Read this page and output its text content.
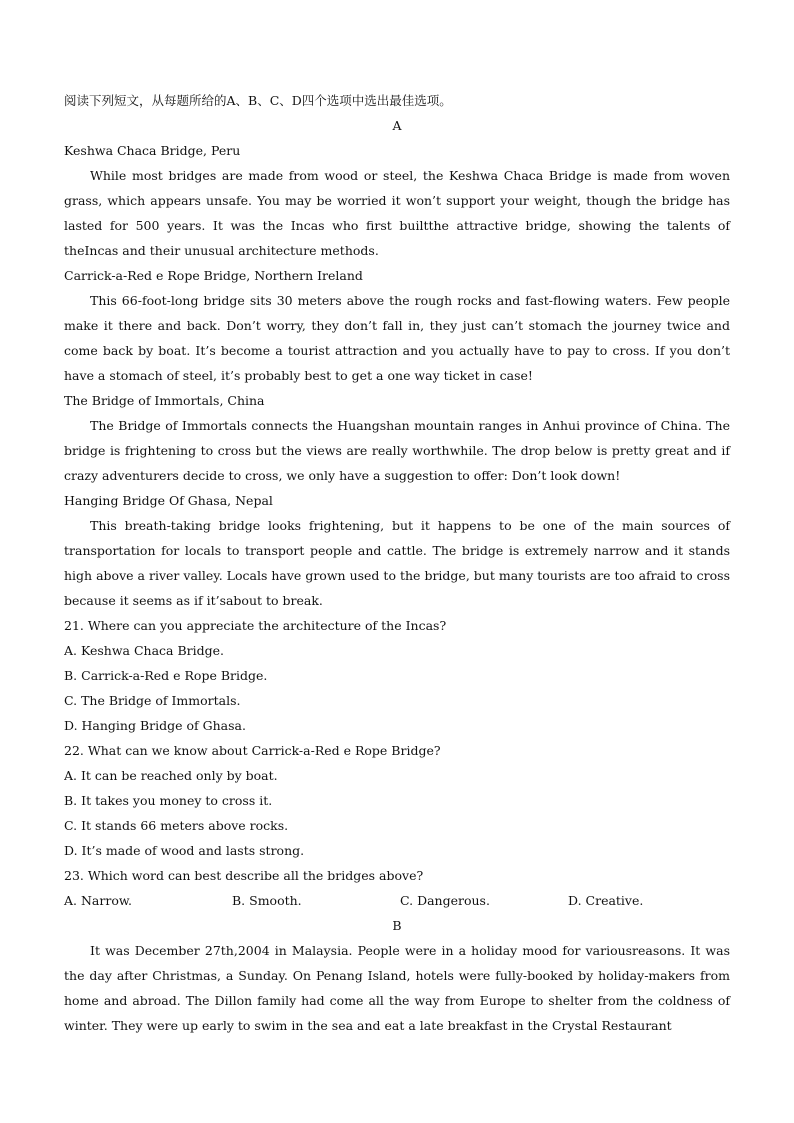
阅读下列短文，从每题所给的A、B、C、D四个选项中选出最佳选项。
A
Keshwa Chaca Bridge, Peru

While most bridges are made from wood or steel, the Keshwa Chaca Bridge is made from woven grass, which appears unsafe. You may be worried it won’t support your weight, though the bridge has lasted for 500 years. It was the Incas who first builtthe attractive bridge, showing the talents of theIncas and their unusual architecture methods.

Carrick-a-Red e Rope Bridge, Northern Ireland

This 66-foot-long bridge sits 30 meters above the rough rocks and fast-flowing waters. Few people make it there and back. Don’t worry, they don’t fall in, they just can’t stomach the journey twice and come back by boat. It’s become a tourist attraction and you actually have to pay to cross. If you don’t have a stomach of steel, it’s probably best to get a one way ticket in case!

The Bridge of Immortals, China

The Bridge of Immortals connects the Huangshan mountain ranges in Anhui province of China. The bridge is frightening to cross but the views are really worthwhile. The drop below is pretty great and if crazy adventurers decide to cross, we only have a suggestion to offer: Don’t look down!

Hanging Bridge Of Ghasa, Nepal

This breath-taking bridge looks frightening, but it happens to be one of the main sources of transportation for locals to transport people and cattle. The bridge is extremely narrow and it stands high above a river valley. Locals have grown used to the bridge, but many tourists are too afraid to cross because it seems as if it’sabout to break.

21. Where can you appreciate the architecture of the Incas?
A. Keshwa Chaca Bridge.
B. Carrick-a-Red e Rope Bridge.
C. The Bridge of Immortals.
D. Hanging Bridge of Ghasa.
22. What can we know about Carrick-a-Red e Rope Bridge?
A. It can be reached only by boat.
B. It takes you money to cross it.
C. It stands 66 meters above rocks.
D. It’s made of wood and lasts strong.
23. Which word can best describe all the bridges above?
A. Narrow.	B. Smooth.	C. Dangerous.	D. Creative.
B

It was December 27th,2004 in Malaysia. People were in a holiday mood for variousreasons. It was the day after Christmas, a Sunday. On Penang Island, hotels were fully-booked by holiday-makers from home and abroad. The Dillon family had come all the way from Europe to shelter from the coldness of winter. They were up early to swim in the sea and eat a late breakfast in the Crystal Restaurant
